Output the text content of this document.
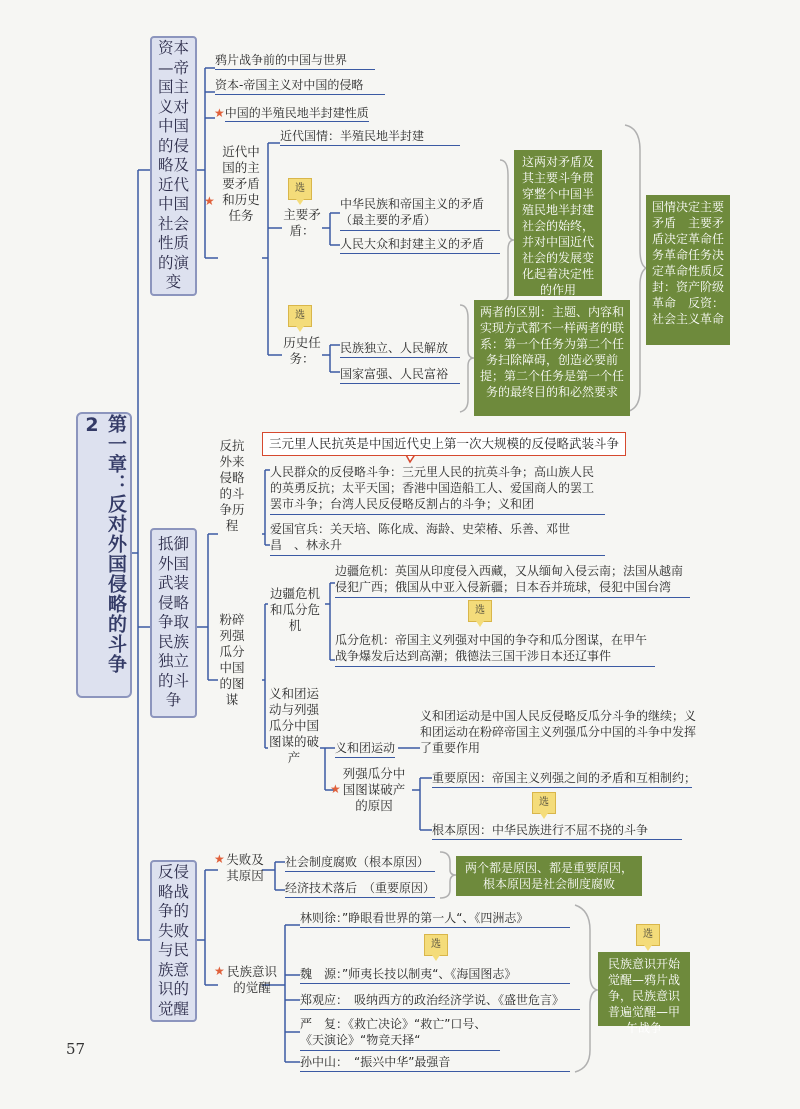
第一章：反对外国侵略的斗争2
资本—帝国主义对中国的侵略及近代中国社会性质的演变
鸦片战争前的中国与世界
资本-帝国主义对中国的侵略
★中国的半殖民地半封建性质
★
近代中国的主要矛盾和历史任务
近代国情：半殖民地半封建
选
主要矛盾：
中华民族和帝国主义的矛盾（最主要的矛盾）
人民大众和封建主义的矛盾
选
历史任务：
民族独立、人民解放
国家富强、人民富裕
这两对矛盾及其主要斗争贯穿整个中国半殖民地半封建社会的始终，并对中国近代社会的发展变化起着决定性的作用
两者的区别：主题、内容和实现方式都不一样两者的联系：第一个任务为第二个任务扫除障碍，创造必要前提；第二个任务是第一个任务的最终目的和必然要求
国情决定主要矛盾　主要矛盾决定革命任务革命任务决定革命性质反封：资产阶级革命　反资：社会主义革命
抵御外国武装侵略争取民族独立的斗争
反抗外来侵略的斗争历程
三元里人民抗英是中国近代史上第一次大规模的反侵略武装斗争
人民群众的反侵略斗争：三元里人民的抗英斗争；高山族人民的英勇反抗；太平天国；香港中国造船工人、爱国商人的罢工罢市斗争；台湾人民反侵略反割占的斗争；义和团
爱国官兵：关天培、陈化成、海龄、史荣椿、乐善、邓世昌　、林永升
粉碎列强瓜分中国的图谋
边疆危机和瓜分危机
边疆危机：英国从印度侵入西藏，又从缅甸入侵云南；法国从越南侵犯广西；俄国从中亚入侵新疆；日本吞并琉球，侵犯中国台湾
选
瓜分危机：帝国主义列强对中国的争夺和瓜分图谋，在甲午战争爆发后达到高潮；俄德法三国干涉日本还辽事件
义和团运动与列强瓜分中国图谋的破产
义和团运动
义和团运动是中国人民反侵略反瓜分斗争的继续；义和团运动在粉碎帝国主义列强瓜分中国的斗争中发挥了重要作用
★
列强瓜分中国图谋破产的原因
重要原因：帝国主义列强之间的矛盾和互相制约；
选
根本原因：中华民族进行不屈不挠的斗争
反侵略战争的失败与民族意识的觉醒
★ 失败及其原因
社会制度腐败（根本原因）
经济技术落后　（重要原因）
两个都是原因、都是重要原因，根本原因是社会制度腐败
★ 民族意识的觉醒
林则徐：”睁眼看世界的第一人“、《四洲志》
选
魏　源：”师夷长技以制夷“、《海国图志》
郑观应：　吸纳西方的政治经济学说、《盛世危言》
严　复：《救亡决论》“救亡”口号、《天演论》“物竞天择“
孙中山：　“振兴中华”最强音
选
民族意识开始觉醒—鸦片战争，民族意识普遍觉醒—甲午战争
57
